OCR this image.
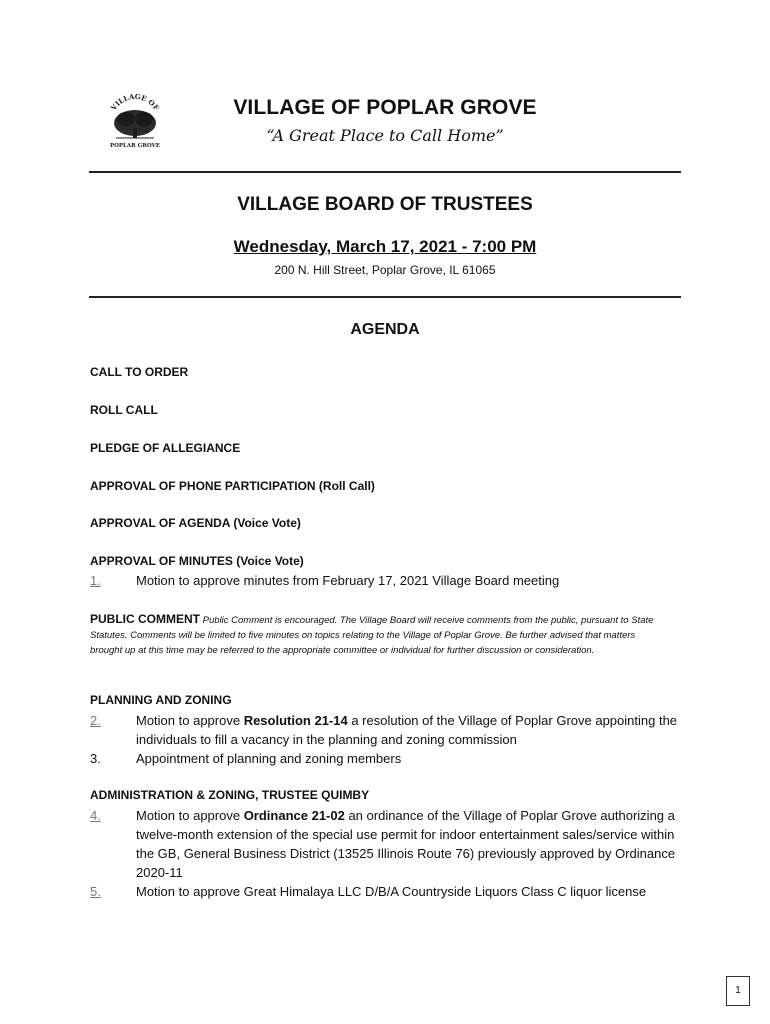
VILLAGE OF
POPLAR GROVE
VILLAGE OF POPLAR GROVE
“A Great Place to Call Home”
VILLAGE BOARD OF TRUSTEES
Wednesday, March 17, 2021 - 7:00 PM
200 N. Hill Street, Poplar Grove, IL 61065
AGENDA
CALL TO ORDER
ROLL CALL
PLEDGE OF ALLEGIANCE
APPROVAL OF PHONE PARTICIPATION (Roll Call)
APPROVAL OF AGENDA (Voice Vote)
APPROVAL OF MINUTES (Voice Vote)
1.	Motion to approve minutes from February 17, 2021 Village Board meeting
PUBLIC COMMENT Public Comment is encouraged. The Village Board will receive comments from the public, pursuant to State Statutes. Comments will be limited to five minutes on topics relating to the Village of Poplar Grove. Be further advised that matters brought up at this time may be referred to the appropriate committee or individual for further discussion or consideration.
PLANNING AND ZONING
2.	Motion to approve Resolution 21-14 a resolution of the Village of Poplar Grove appointing the individuals to fill a vacancy in the planning and zoning commission
3.	Appointment of planning and zoning members
ADMINISTRATION & ZONING, TRUSTEE QUIMBY
4.	Motion to approve Ordinance 21-02 an ordinance of the Village of Poplar Grove authorizing a twelve-month extension of the special use permit for indoor entertainment sales/service within the GB, General Business District (13525 Illinois Route 76) previously approved by Ordinance 2020-11
5.	Motion to approve Great Himalaya LLC D/B/A Countryside Liquors Class C liquor license
1
